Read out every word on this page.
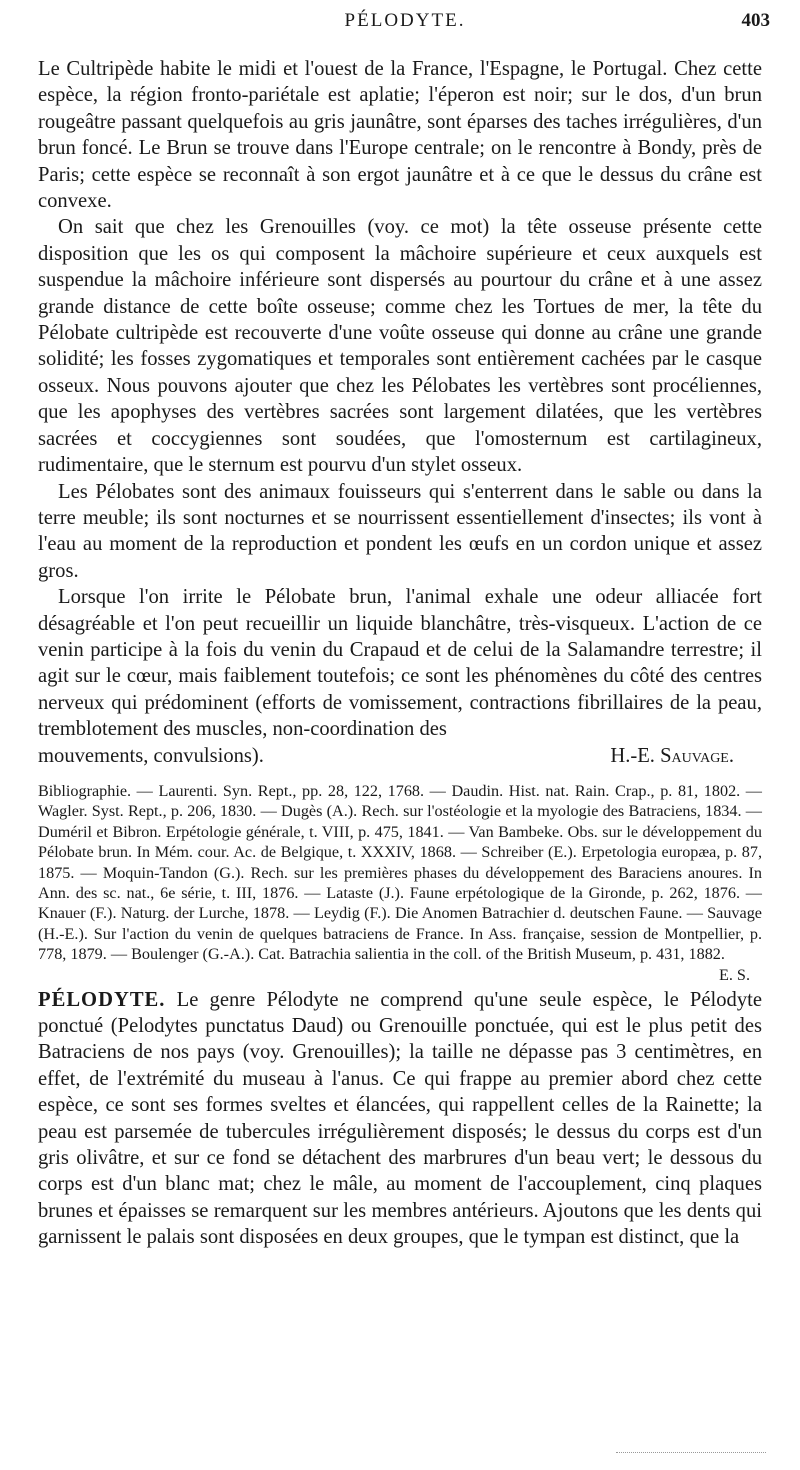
PÉLODYTE.	403

Le Cultripède habite le midi et l'ouest de la France, l'Espagne, le Portugal. Chez cette espèce, la région fronto-pariétale est aplatie; l'éperon est noir; sur le dos, d'un brun rougeâtre passant quelquefois au gris jaunâtre, sont éparses des taches irrégulières, d'un brun foncé. Le Brun se trouve dans l'Europe centrale; on le rencontre à Bondy, près de Paris; cette espèce se reconnaît à son ergot jaunâtre et à ce que le dessus du crâne est convexe.

On sait que chez les Grenouilles (voy. ce mot) la tête osseuse présente cette disposition que les os qui composent la mâchoire supérieure et ceux auxquels est suspendue la mâchoire inférieure sont dispersés au pourtour du crâne et à une assez grande distance de cette boîte osseuse; comme chez les Tortues de mer, la tête du Pélobate cultripède est recouverte d'une voûte osseuse qui donne au crâne une grande solidité; les fosses zygomatiques et temporales sont entièrement cachées par le casque osseux. Nous pouvons ajouter que chez les Pélobates les vertèbres sont procéliennes, que les apophyses des vertèbres sacrées sont largement dilatées, que les vertèbres sacrées et coccygiennes sont soudées, que l'omosternum est cartilagineux, rudimentaire, que le sternum est pourvu d'un stylet osseux.

Les Pélobates sont des animaux fouisseurs qui s'enterrent dans le sable ou dans la terre meuble; ils sont nocturnes et se nourrissent essentiellement d'insectes; ils vont à l'eau au moment de la reproduction et pondent les œufs en un cordon unique et assez gros.

Lorsque l'on irrite le Pélobate brun, l'animal exhale une odeur alliacée fort désagréable et l'on peut recueillir un liquide blanchâtre, très-visqueux. L'action de ce venin participe à la fois du venin du Crapaud et de celui de la Salamandre terrestre; il agit sur le cœur, mais faiblement toutefois; ce sont les phénomènes du côté des centres nerveux qui prédominent (efforts de vomissement, contractions fibrillaires de la peau, tremblotement des muscles, non-coordination des

mouvements, convulsions).	H.-E. Sauvage.

Bibliographie. — Laurenti. Syn. Rept., pp. 28, 122, 1768. — Daudin. Hist. nat. Rain. Crap., p. 81, 1802. — Wagler. Syst. Rept., p. 206, 1830. — Dugès (A.). Rech. sur l'ostéologie et la myologie des Batraciens, 1834. — Duméril et Bibron. Erpétologie générale, t. VIII, p. 475, 1841. — Van Bambeke. Obs. sur le développement du Pélobate brun. In Mém. cour. Ac. de Belgique, t. XXXIV, 1868. — Schreiber (E.). Erpetologia europæa, p. 87, 1875. — Moquin-Tandon (G.). Rech. sur les premières phases du développement des Baraciens anoures. In Ann. des sc. nat., 6e série, t. III, 1876. — Lataste (J.). Faune erpétologique de la Gironde, p. 262, 1876. — Knauer (F.). Naturg. der Lurche, 1878. — Leydig (F.). Die Anomen Batrachier d. deutschen Faune. — Sauvage (H.-E.). Sur l'action du venin de quelques batraciens de France. In Ass. française, session de Montpellier, p. 778, 1879. — Boulenger (G.-A.). Cat. Batrachia salientia in the coll. of the British Museum, p. 431, 1882.
E. S.

PÉLODYTE. Le genre Pélodyte ne comprend qu'une seule espèce, le Pélodyte ponctué (Pelodytes punctatus Daud) ou Grenouille ponctuée, qui est le plus petit des Batraciens de nos pays (voy. Grenouilles); la taille ne dépasse pas 3 centimètres, en effet, de l'extrémité du museau à l'anus. Ce qui frappe au premier abord chez cette espèce, ce sont ses formes sveltes et élancées, qui rappellent celles de la Rainette; la peau est parsemée de tubercules irrégulièrement disposés; le dessus du corps est d'un gris olivâtre, et sur ce fond se détachent des marbrures d'un beau vert; le dessous du corps est d'un blanc mat; chez le mâle, au moment de l'accouplement, cinq plaques brunes et épaisses se remarquent sur les membres antérieurs. Ajoutons que les dents qui garnissent le palais sont disposées en deux groupes, que le tympan est distinct, que la
